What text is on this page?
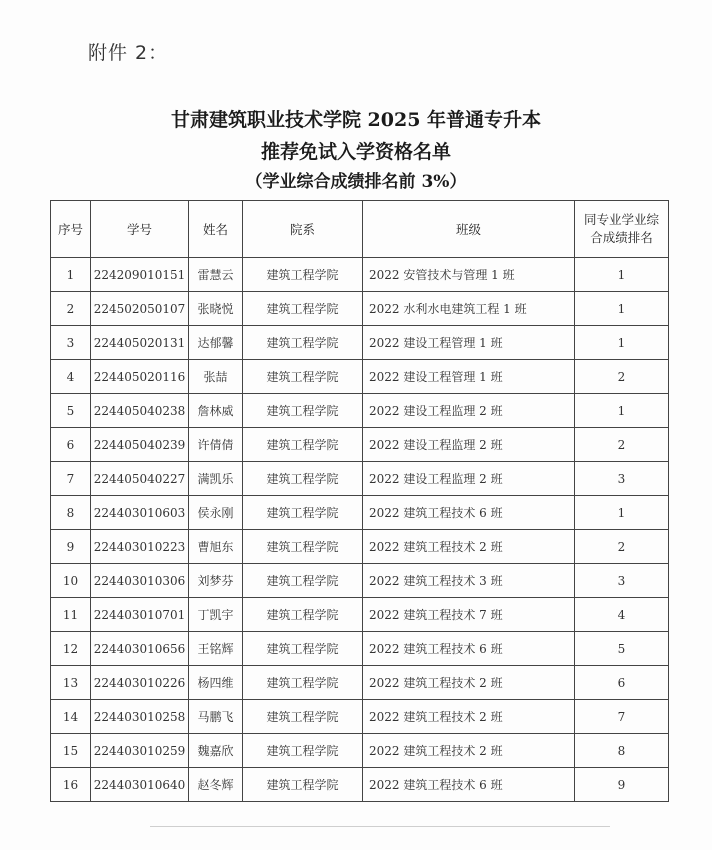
附件 2：
甘肃建筑职业技术学院 2025 年普通专升本
推荐免试入学资格名单
（学业综合成绩排名前 3%）
序号	学号	姓名	院系	班级	同专业学业综合成绩排名
1	224209010151	雷慧云	建筑工程学院	2022 安管技术与管理 1 班	1
2	224502050107	张晓悦	建筑工程学院	2022 水利水电建筑工程 1 班	1
3	224405020131	达郁馨	建筑工程学院	2022 建设工程管理 1 班	1
4	224405020116	张喆	建筑工程学院	2022 建设工程管理 1 班	2
5	224405040238	詹林威	建筑工程学院	2022 建设工程监理 2 班	1
6	224405040239	许倩倩	建筑工程学院	2022 建设工程监理 2 班	2
7	224405040227	满凯乐	建筑工程学院	2022 建设工程监理 2 班	3
8	224403010603	侯永刚	建筑工程学院	2022 建筑工程技术 6 班	1
9	224403010223	曹旭东	建筑工程学院	2022 建筑工程技术 2 班	2
10	224403010306	刘梦芬	建筑工程学院	2022 建筑工程技术 3 班	3
11	224403010701	丁凯宇	建筑工程学院	2022 建筑工程技术 7 班	4
12	224403010656	王铭辉	建筑工程学院	2022 建筑工程技术 6 班	5
13	224403010226	杨四维	建筑工程学院	2022 建筑工程技术 2 班	6
14	224403010258	马鹏飞	建筑工程学院	2022 建筑工程技术 2 班	7
15	224403010259	魏嘉欣	建筑工程学院	2022 建筑工程技术 2 班	8
16	224403010640	赵冬辉	建筑工程学院	2022 建筑工程技术 6 班	9
